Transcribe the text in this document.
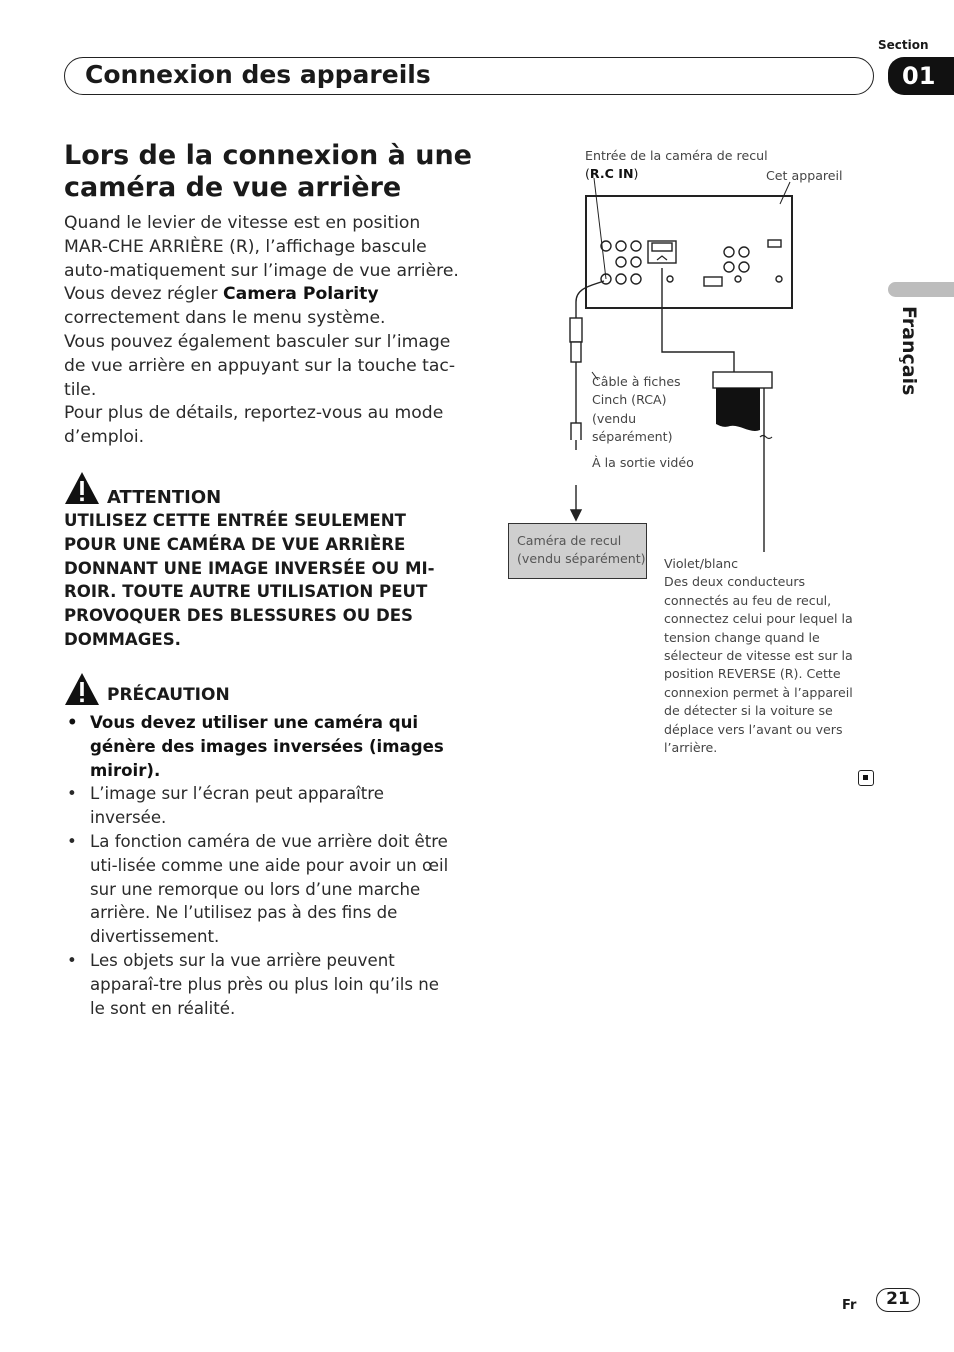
Section
Connexion des appareils	01
Français
Lors de la connexion à une caméra de vue arrière

Quand le levier de vitesse est en position MAR-CHE ARRIÈRE (R), l’affichage bascule auto-matiquement sur l’image de vue arrière. Vous devez régler Camera Polarity correctement dans le menu système.

Vous pouvez également basculer sur l’image de vue arrière en appuyant sur la touche tac-tile.

Pour plus de détails, reportez-vous au mode d’emploi.

ATTENTION
UTILISEZ CETTE ENTRÉE SEULEMENT POUR UNE CAMÉRA DE VUE ARRIÈRE DONNANT UNE IMAGE INVERSÉE OU MI-ROIR. TOUTE AUTRE UTILISATION PEUT PROVOQUER DES BLESSURES OU DES DOMMAGES.
PRÉCAUTION
• Vous devez utiliser une caméra qui génère des images inversées (images miroir).
• L’image sur l’écran peut apparaître inversée.
• La fonction caméra de vue arrière doit être uti-lisée comme une aide pour avoir un œil sur une remorque ou lors d’une marche arrière. Ne l’utilisez pas à des fins de divertissement.
• Les objets sur la vue arrière peuvent apparaî-tre plus près ou plus loin qu’ils ne le sont en réalité.
Entrée de la caméra de recul
(R.C IN)	Cet appareil
Câble à fiches Cinch (RCA) (vendu séparément)
À la sortie vidéo
Caméra de recul (vendu séparément) Violet/blanc
Des deux conducteurs connectés au feu de recul, connectez celui pour lequel la tension change quand le sélecteur de vitesse est sur la position REVERSE (R). Cette connexion permet à l’appareil de détecter si la voiture se déplace vers l’avant ou vers l’arrière.
Fr	21
